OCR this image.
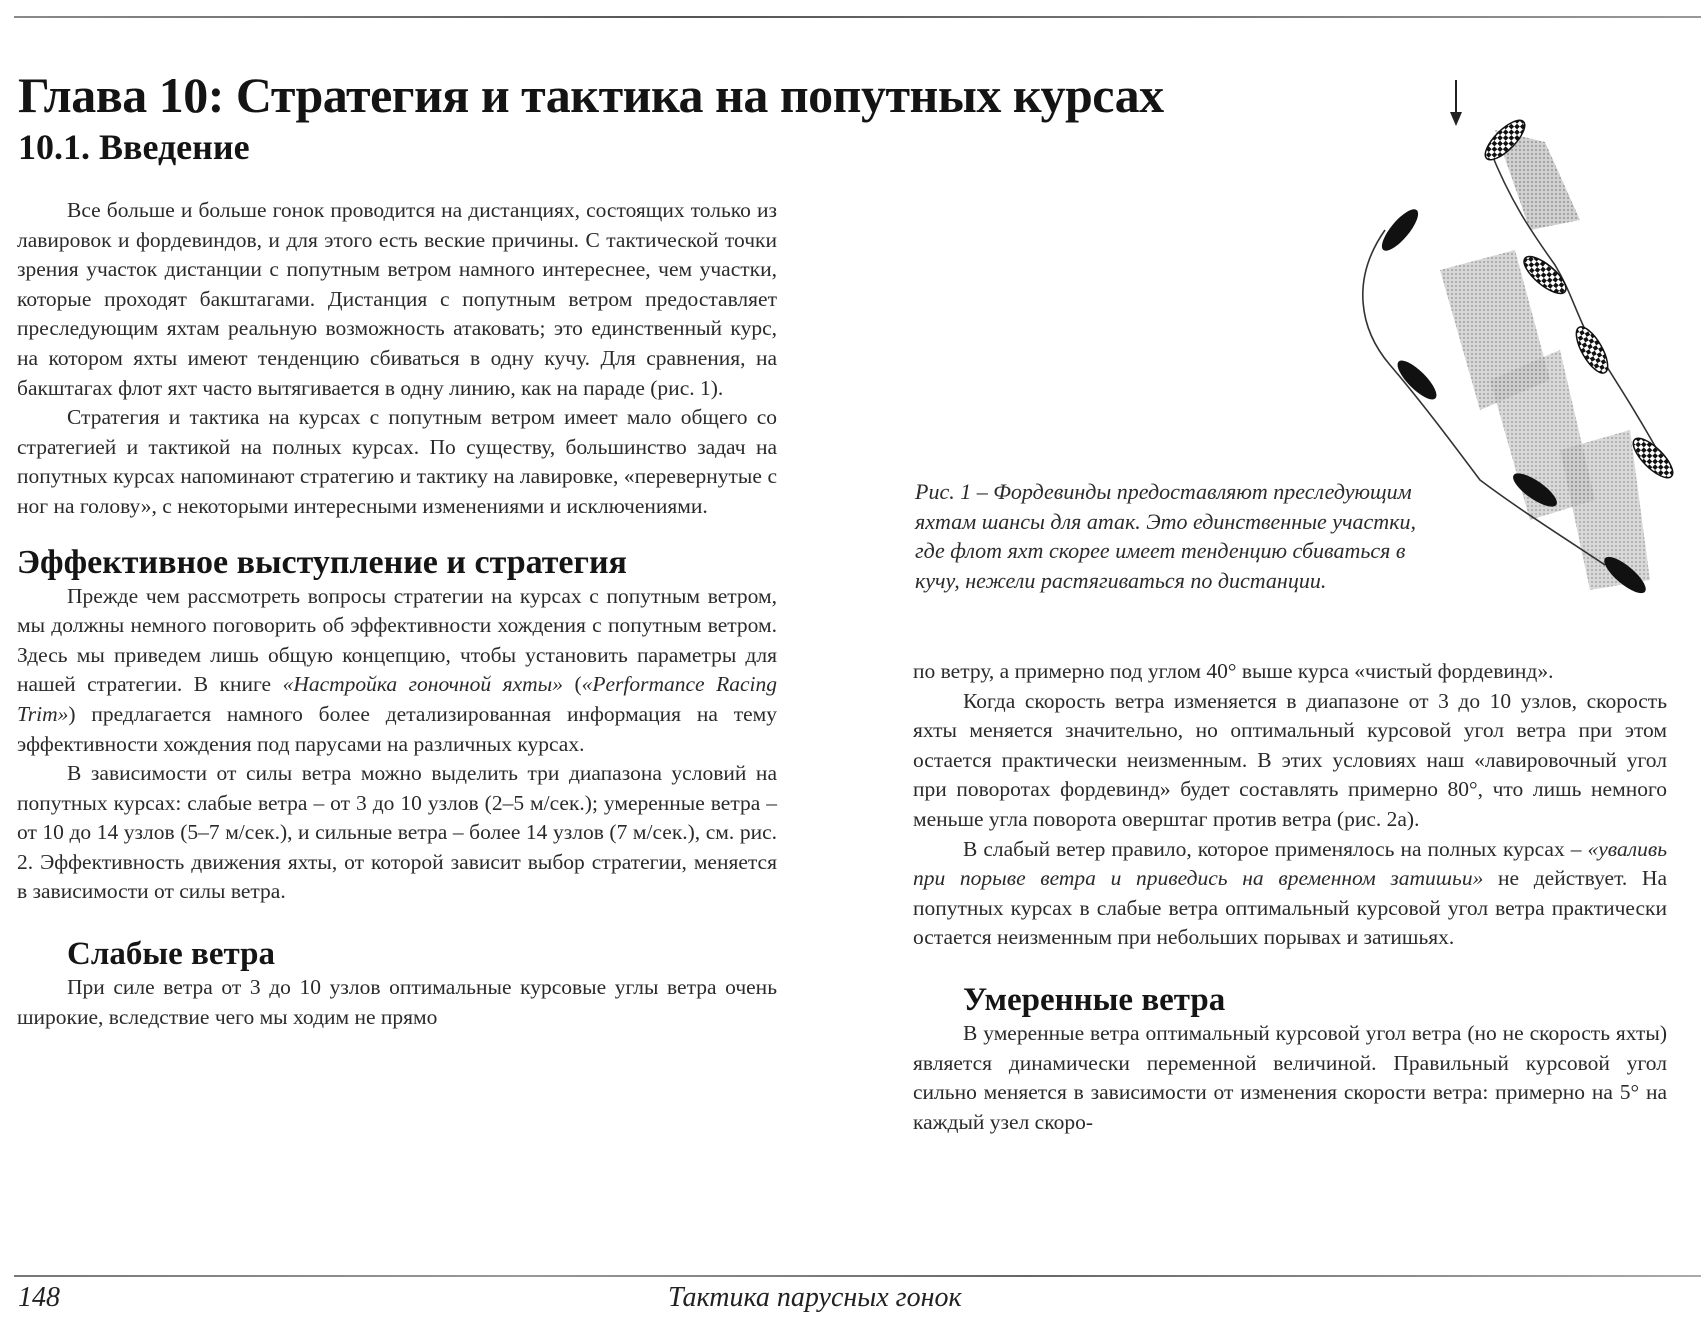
Глава 10: Стратегия и тактика на попутных курсах
10.1. Введение

Все больше и больше гонок проводится на дистанциях, состоящих только из лавировок и фордевиндов, и для этого есть веские причины. С тактической точки зрения участок дистанции с попутным ветром намного интереснее, чем участки, которые проходят бакштагами. Дистанция с попутным ветром предоставляет преследующим яхтам реальную возможность атаковать; это единственный курс, на котором яхты имеют тенденцию сбиваться в одну кучу. Для сравнения, на бакштагах флот яхт часто вытягивается в одну линию, как на параде (рис. 1).

Стратегия и тактика на курсах с попутным ветром имеет мало общего со стратегией и тактикой на полных курсах. По существу, большинство задач на попутных курсах напоминают стратегию и тактику на лавировке, «перевернутые с ног на голову», с некоторыми интересными изменениями и исключениями.

Эффективное выступление и стратегия

Прежде чем рассмотреть вопросы стратегии на курсах с попутным ветром, мы должны немного поговорить об эффективности хождения с попутным ветром. Здесь мы приведем лишь общую концепцию, чтобы установить параметры для нашей стратегии. В книге «Настройка гоночной яхты» («Performance Racing Trim») предлагается намного более детализированная информация на тему эффективности хождения под парусами на различных курсах.

В зависимости от силы ветра можно выделить три диапазона условий на попутных курсах: слабые ветра – от 3 до 10 узлов (2–5 м/сек.); умеренные ветра – от 10 до 14 узлов (5–7 м/сек.), и сильные ветра – более 14 узлов (7 м/сек.), см. рис. 2. Эффективность движения яхты, от которой зависит выбор стратегии, меняется в зависимости от силы ветра.

Слабые ветра

При силе ветра от 3 до 10 узлов оптимальные курсовые углы ветра очень широкие, вследствие чего мы ходим не прямо

Рис. 1 – Фордевинды предоставляют преследующим яхтам шансы для атак. Это единственные участки, где флот яхт скорее имеет тенденцию сбиваться в кучу, нежели растягиваться по дистанции.

по ветру, а примерно под углом 40° выше курса «чистый фордевинд».

Когда скорость ветра изменяется в диапазоне от 3 до 10 узлов, скорость яхты меняется значительно, но оптимальный курсовой угол ветра при этом остается практически неизменным. В этих условиях наш «лавировочный угол при поворотах фордевинд» будет составлять примерно 80°, что лишь немного меньше угла поворота оверштаг против ветра (рис. 2а).

В слабый ветер правило, которое применялось на полных курсах – «уваливь при порыве ветра и приведись на временном затишьи» не действует. На попутных курсах в слабые ветра оптимальный курсовой угол ветра практически остается неизменным при небольших порывах и затишьях.

Умеренные ветра

В умеренные ветра оптимальный курсовой угол ветра (но не скорость яхты) является динамически переменной величиной. Правильный курсовой угол сильно меняется в зависимости от изменения скорости ветра: примерно на 5° на каждый узел скоро-

148	Тактика парусных гонок
